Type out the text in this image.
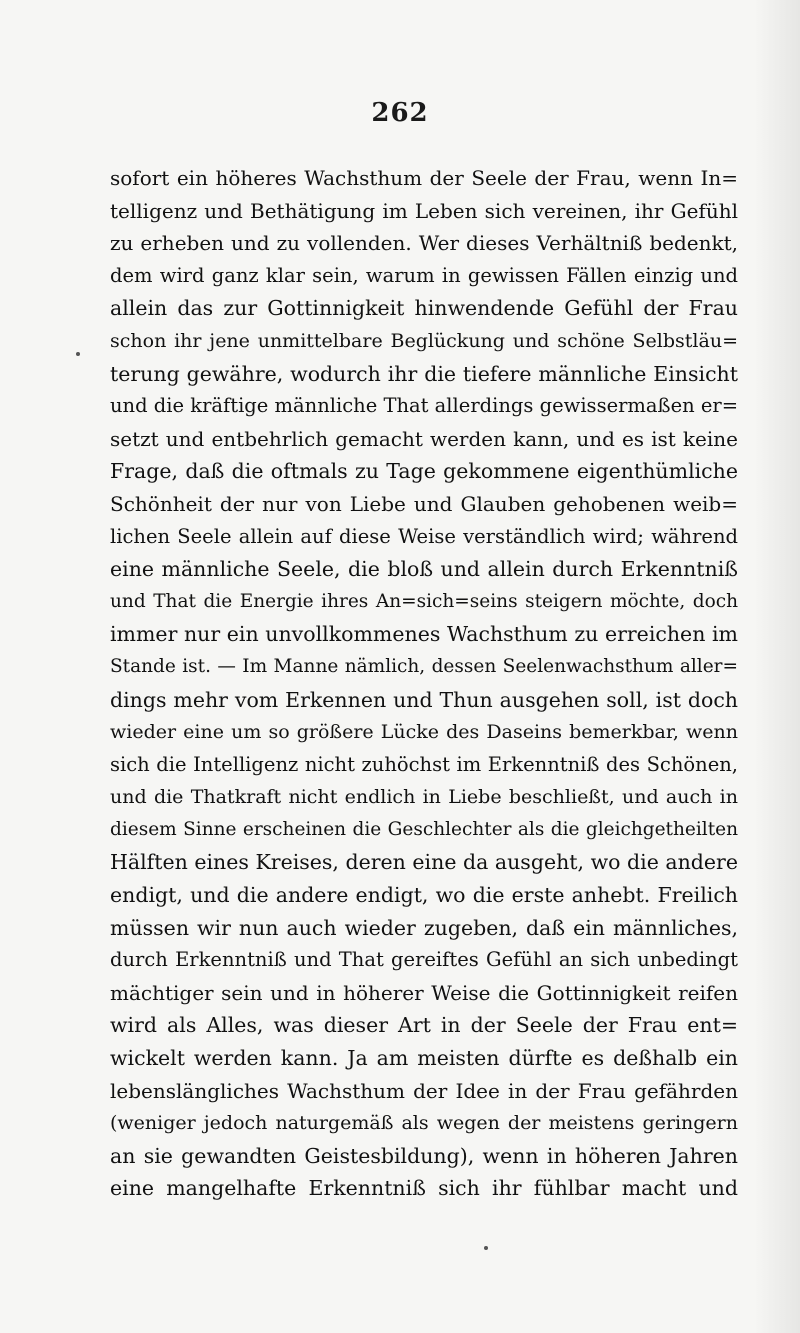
262
sofort ein höheres Wachsthum der Seele der Frau, wenn In=
telligenz und Bethätigung im Leben sich vereinen, ihr Gefühl
zu erheben und zu vollenden. Wer dieses Verhältniß bedenkt,
dem wird ganz klar sein, warum in gewissen Fällen einzig und
allein das zur Gottinnigkeit hinwendende Gefühl der Frau
schon ihr jene unmittelbare Beglückung und schöne Selbstläu=
terung gewähre, wodurch ihr die tiefere männliche Einsicht
und die kräftige männliche That allerdings gewissermaßen er=
setzt und entbehrlich gemacht werden kann, und es ist keine
Frage, daß die oftmals zu Tage gekommene eigenthümliche
Schönheit der nur von Liebe und Glauben gehobenen weib=
lichen Seele allein auf diese Weise verständlich wird; während
eine männliche Seele, die bloß und allein durch Erkenntniß
und That die Energie ihres An=sich=seins steigern möchte, doch
immer nur ein unvollkommenes Wachsthum zu erreichen im
Stande ist. — Im Manne nämlich, dessen Seelenwachsthum aller=
dings mehr vom Erkennen und Thun ausgehen soll, ist doch
wieder eine um so größere Lücke des Daseins bemerkbar, wenn
sich die Intelligenz nicht zuhöchst im Erkenntniß des Schönen,
und die Thatkraft nicht endlich in Liebe beschließt, und auch in
diesem Sinne erscheinen die Geschlechter als die gleichgetheilten
Hälften eines Kreises, deren eine da ausgeht, wo die andere
endigt, und die andere endigt, wo die erste anhebt. Freilich
müssen wir nun auch wieder zugeben, daß ein männliches,
durch Erkenntniß und That gereiftes Gefühl an sich unbedingt
mächtiger sein und in höherer Weise die Gottinnigkeit reifen
wird als Alles, was dieser Art in der Seele der Frau ent=
wickelt werden kann. Ja am meisten dürfte es deßhalb ein
lebenslängliches Wachsthum der Idee in der Frau gefährden
(weniger jedoch naturgemäß als wegen der meistens geringern
an sie gewandten Geistesbildung), wenn in höheren Jahren
eine mangelhafte Erkenntniß sich ihr fühlbar macht und
